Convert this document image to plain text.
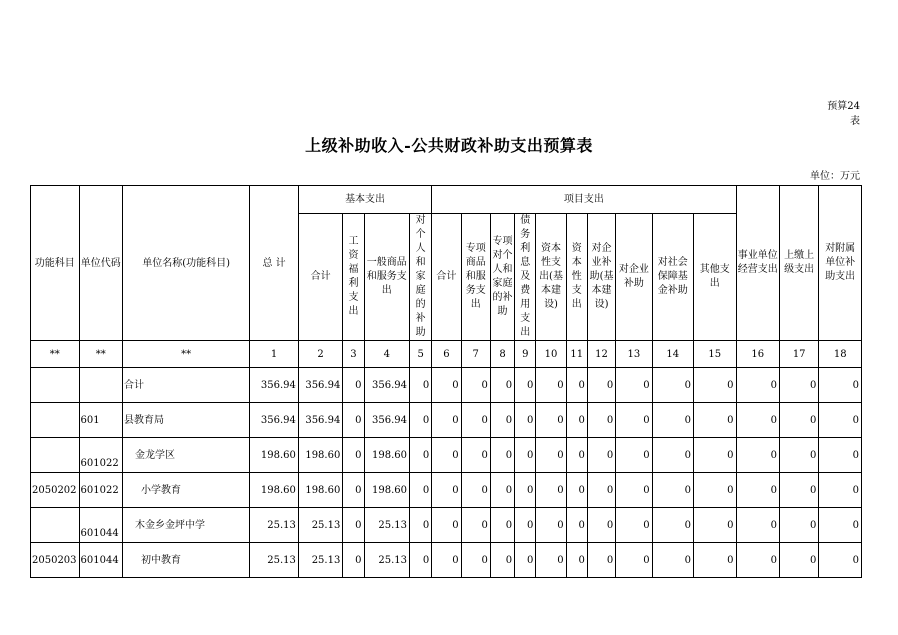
预算24
表
上级补助收入-公共财政补助支出预算表
单位：万元
功能科目	单位代码	单位名称(功能科目)	总 计	基本支出				项目支出										事业单位经营支出	上缴上级支出	对附属单位补助支出
				合计	工资福利支出	一般商品和服务支出	对个人和家庭的补助	合计	专项商品和服务支出	专项对个人和家庭的补助	债务利息及费用支出	资本性支出(基本建设)	资本性支出	对企业补助(基本建设)	对企业补助	对社会保障基金补助	其他支出			
**	**	**	1	2	3	4	5	6	7	8	9	10	11	12	13	14	15	16	17	18
		合计	356.94	356.94	0	356.94	0	0	0	0	0	0	0	0	0	0	0	0	0	0
	601	县教育局	356.94	356.94	0	356.94	0	0	0	0	0	0	0	0	0	0	0	0	0	0
	601022	金龙学区	198.60	198.60	0	198.60	0	0	0	0	0	0	0	0	0	0	0	0	0	0
2050202	601022	小学教育	198.60	198.60	0	198.60	0	0	0	0	0	0	0	0	0	0	0	0	0	0
	601044	木金乡金坪中学	25.13	25.13	0	25.13	0	0	0	0	0	0	0	0	0	0	0	0	0	0
2050203	601044	初中教育	25.13	25.13	0	25.13	0	0	0	0	0	0	0	0	0	0	0	0	0	0
